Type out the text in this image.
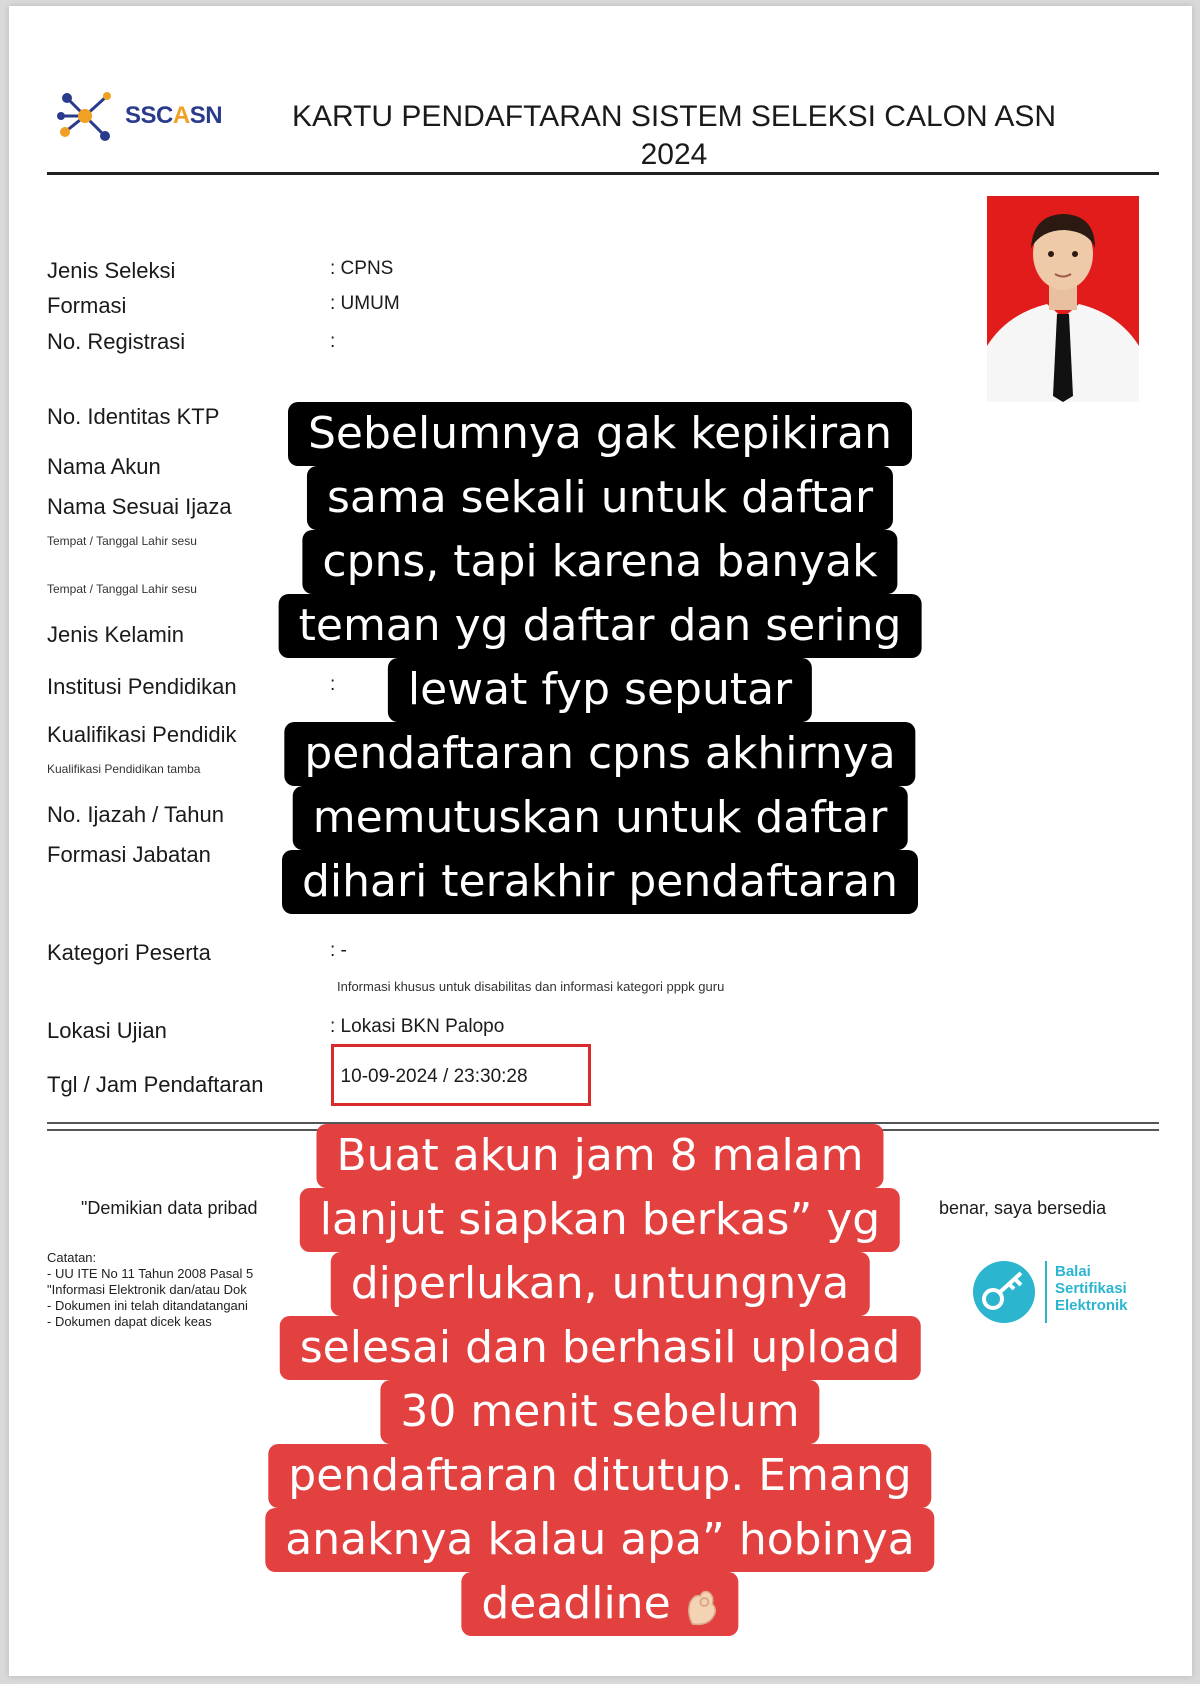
SSCASN	KARTU PENDAFTARAN SISTEM SELEKSI CALON ASN
2024
Jenis Seleksi	: CPNS
Formasi	: UMUM
No. Registrasi	:
No. Identitas KTP
Nama Akun
Nama Sesuai Ijaza
Tempat / Tanggal Lahir sesu
Tempat / Tanggal Lahir sesu
Jenis Kelamin
Institusi Pendidikan	:
Kualifikasi Pendidik
Kualifikasi Pendidikan tamba
No. Ijazah / Tahun
Formasi Jabatan
Kategori Peserta	: -
Informasi khusus untuk disabilitas dan informasi kategori pppk guru
Lokasi Ujian	: Lokasi BKN Palopo
Tgl / Jam Pendaftaran	: 10-09-2024 / 23:30:28
"Demikian data pribad	benar, saya bersedia
Catatan:
- UU ITE No 11 Tahun 2008 Pasal 5
"Informasi Elektronik dan/atau Dok
- Dokumen ini telah ditandatangani
- Dokumen dapat dicek keas
Balai
Sertifikasi
Elektronik
Sebelumnya gak kepikiran
sama sekali untuk daftar
cpns, tapi karena banyak
teman yg daftar dan sering
lewat fyp seputar
pendaftaran cpns akhirnya
memutuskan untuk daftar
dihari terakhir pendaftaran
Buat akun jam 8 malam
lanjut siapkan berkas” yg
diperlukan, untungnya
selesai dan berhasil upload
30 menit sebelum
pendaftaran ditutup. Emang
anaknya kalau apa” hobinya
deadline
